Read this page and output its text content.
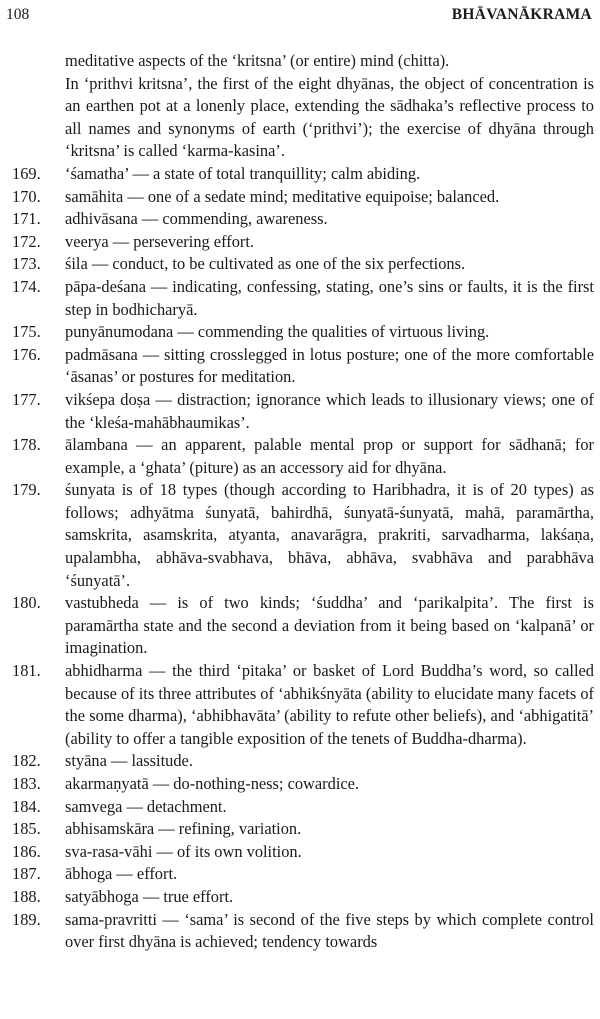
108	BHĀVANĀKRAMA
meditative aspects of the ‘kritsna’ (or entire) mind (chitta).
In ‘prithvi kritsna’, the first of the eight dhyānas, the object of concentration is an earthen pot at a lonenly place, extending the sādhaka’s reflective process to all names and synonyms of earth (‘prithvi’); the exercise of dhyāna through ‘kritsna’ is called ‘karma-kasina’.
169. ‘śamatha’ — a state of total tranquillity; calm abiding.
170. samāhita — one of a sedate mind; meditative equipoise; balanced.
171. adhivāsana — commending, awareness.
172. veerya — persevering effort.
173. śila — conduct, to be cultivated as one of the six perfections.
174. pāpa-deśana — indicating, confessing, stating, one’s sins or faults, it is the first step in bodhicharyā.
175. punyānumodana — commending the qualities of virtuous living.
176. padmāsana — sitting crosslegged in lotus posture; one of the more comfortable ‘āsanas’ or postures for meditation.
177. vikśepa doṣa — distraction; ignorance which leads to illusionary views; one of the ‘kleśa-mahābhaumikas’.
178. ālambana — an apparent, palable mental prop or support for sādhanā; for example, a ‘ghata’ (piture) as an accessory aid for dhyāna.
179. śunyata is of 18 types (though according to Haribhadra, it is of 20 types) as follows; adhyātma śunyatā, bahirdhā, śunyatā-śunyatā, mahā, paramārtha, samskrita, asamskrita, atyanta, anavarāgra, prakriti, sarvadharma, lakśaṇa, upalambha, abhāva-svabhava, bhāva, abhāva, svabhāva and parabhāva ‘śunyatā’.
180. vastubheda — is of two kinds; ‘śuddha’ and ‘parikalpita’. The first is paramārtha state and the second a deviation from it being based on ‘kalpanā’ or imagination.
181. abhidharma — the third ‘pitaka’ or basket of Lord Buddha’s word, so called because of its three attributes of ‘abhikśnyāta (ability to elucidate many facets of the some dharma), ‘abhibhavāta’ (ability to refute other beliefs), and ‘abhigatitā’ (ability to offer a tangible exposition of the tenets of Buddha-dharma).
182. styāna — lassitude.
183. akarmaṇyatā — do-nothing-ness; cowardice.
184. samvega — detachment.
185. abhisamskāra — refining, variation.
186. sva-rasa-vāhi — of its own volition.
187. ābhoga — effort.
188. satyābhoga — true effort.
189. sama-pravritti — ‘sama’ is second of the five steps by which complete control over first dhyāna is achieved; tendency towards
